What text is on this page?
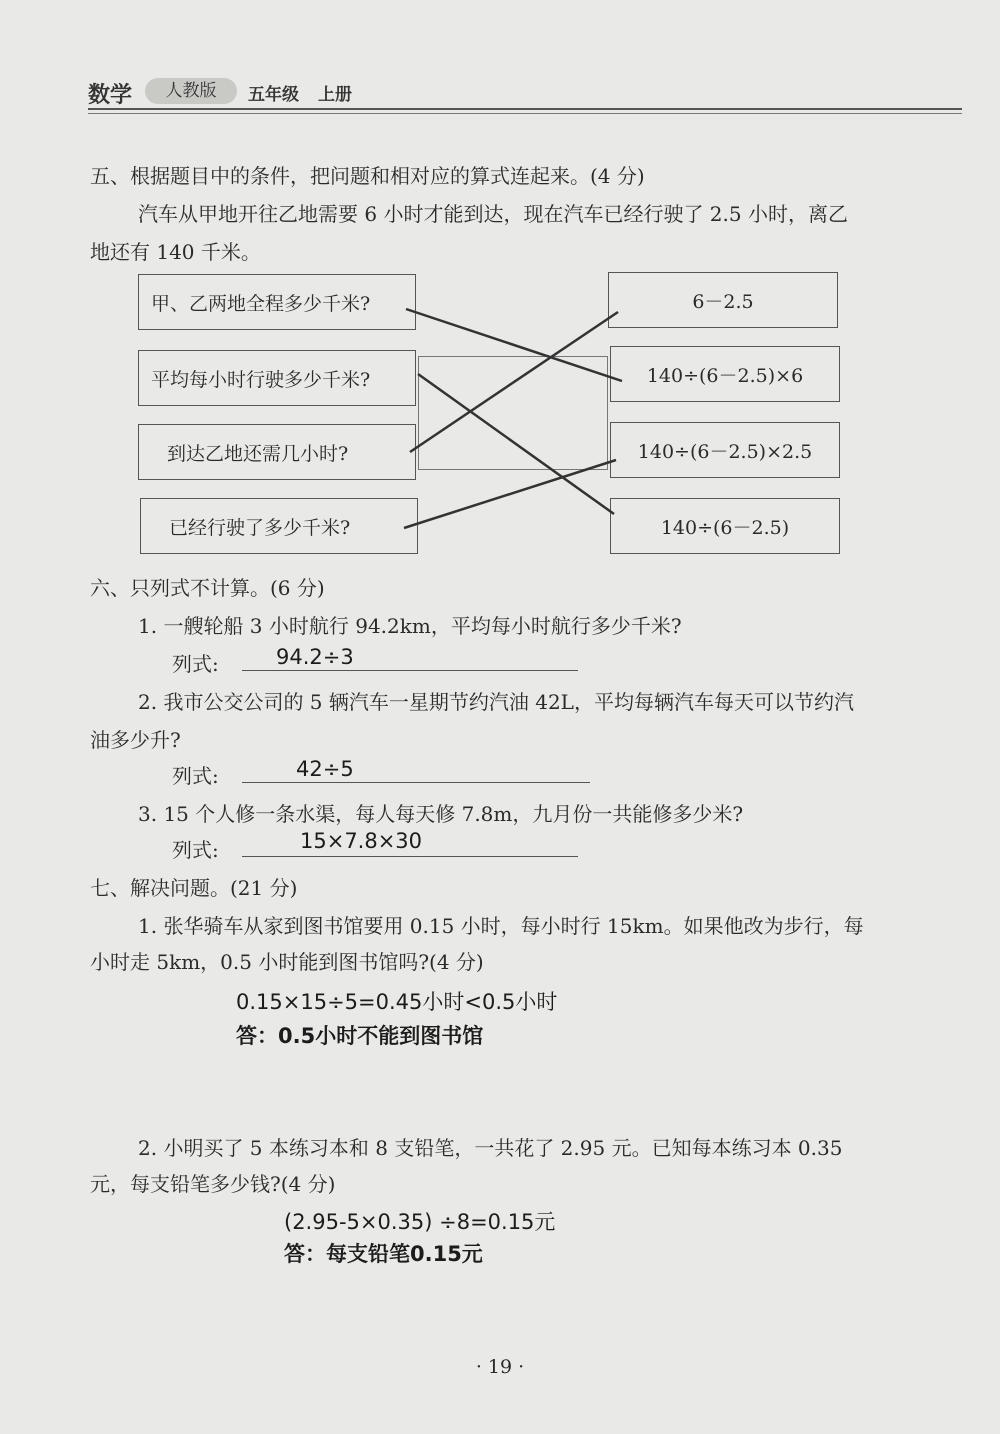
数学	人教版	五年级 上册
五、根据题目中的条件，把问题和相对应的算式连起来。(4 分)
汽车从甲地开往乙地需要 6 小时才能到达，现在汽车已经行驶了 2.5 小时，离乙
地还有 140 千米。
甲、乙两地全程多少千米?
平均每小时行驶多少千米?
到达乙地还需几小时?
已经行驶了多少千米?
6－2.5
140÷(6－2.5)×6
140÷(6－2.5)×2.5
140÷(6－2.5)
六、只列式不计算。(6 分)
1. 一艘轮船 3 小时航行 94.2km，平均每小时航行多少千米?
列式:	94.2÷3
2. 我市公交公司的 5 辆汽车一星期节约汽油 42L，平均每辆汽车每天可以节约汽
油多少升?
列式:	42÷5
3. 15 个人修一条水渠，每人每天修 7.8m，九月份一共能修多少米?
列式:	15×7.8×30
七、解决问题。(21 分)
1. 张华骑车从家到图书馆要用 0.15 小时，每小时行 15km。如果他改为步行，每
小时走 5km，0.5 小时能到图书馆吗?(4 分)
0.15×15÷5=0.45小时<0.5小时
答：0.5小时不能到图书馆
2. 小明买了 5 本练习本和 8 支铅笔，一共花了 2.95 元。已知每本练习本 0.35
元，每支铅笔多少钱?(4 分)
(2.95-5×0.35) ÷8=0.15元
答：每支铅笔0.15元
· 19 ·
